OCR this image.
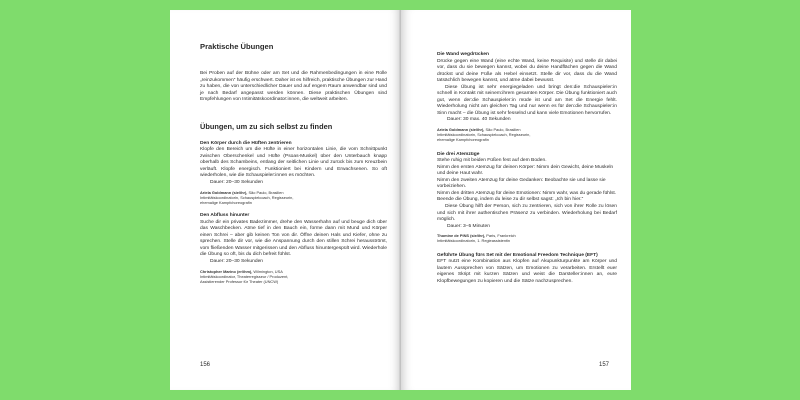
Praktische Übungen

Bei Proben auf der Bühne oder am Set und die Rahmenbedingungen in eine Rolle „reinzukommen“ häufig erschwert. Daher ist es hilfreich, praktische Übungen zur Hand zu haben, die von unterschiedlicher Dauer und auf engem Raum anwendbar sind und je nach Bedarf angepasst werden können. Diese praktischen Übungen sind Empfehlungen von Intimitätskoordinator:innen, die weltweit arbeiten.

Übungen, um zu sich selbst zu finden
Den Körper durch die Hüften zentrieren

Klopfe den Bereich um die Hüfte in einer horizontalen Linie, die vom Schnittpunkt zwischen Oberschenkel und Hüfte (Psoas-Muskel) über den Unterbauch knapp oberhalb des Schambeins, entlang der seitlichen Linie und zurück bis zum Kreuzbein verläuft. Klopfe energisch. Funktioniert bei Kindern und Erwachsenen. So oft wiederholen, wie die Schauspieler:innen es möchten.

Dauer: 20–30 Sekunden
Ariela Goldmann (sie/ihr), São Paulo, Brasilien
Intimitätskoordinatorin, Schauspielcoach, Regisseurin,
ehemalige Kampfchoreografin
Den Abfluss hinunter

Suche dir ein privates Badezimmer, drehe den Wasserhahn auf und beuge dich über das Waschbecken. Atme tief in den Bauch ein, forme dann mit Mund und Körper einen Schrei – aber gib keinen Ton von dir. Öffne deinen Hals und Kiefer, ohne zu sprechen. Stelle dir vor, wie die Anspannung durch den stillen Schrei herausströmt, vom fließenden Wasser mitgerissen und den Abfluss hinuntergespült wird. Wiederhole die Übung so oft, bis du dich befreit fühlst.

Dauer: 20–30 Sekunden
Christopher Marino (er/ihm), Wilmington, USA
Intimitätskoordinator, Theaterregisseur / Produzent,
Assistierender Professor für Theater (UNCW)
156
Die Wand wegdrücken

Drücke gegen eine Wand (eine echte Wand, keine Requisite) und stelle dir dabei vor, dass du sie bewegen kannst, wobei du deine Handflächen gegen die Wand drückst und deine Füße als Hebel einsetzt. Stelle dir vor, dass du die Wand tatsächlich bewegen kannst, und atme dabei bewusst.

Diese Übung ist sehr energiegeladen und bringt den:die Schauspieler:in schnell in Kontakt mit seinem:ihrem gesamten Körper. Die Übung funktioniert auch gut, wenn der:die Schauspieler:in müde ist und am Set die Energie fehlt. Wiederholung nicht am gleichen Tag und nur wenn es für den:die Schauspieler:in Sinn macht – die Übung ist sehr fesselnd und kann viele Emotionen hervorrufen.

Dauer: 30 max. 40 Sekunden
Ariela Goldmann (sie/ihr), São Paulo, Brasilien
Intimitätskoordinatorin, Schauspielcoach, Regisseurin,
ehemalige Kampfchoreografin
Die drei Atemzüge

Stehe ruhig mit beiden Füßen fest auf dem Boden.

Nimm den ersten Atemzug für deinen Körper: Nimm dein Gewicht, deine Muskeln und deine Haut wahr.

Nimm den zweiten Atemzug für deine Gedanken: Beobachte sie und lasse sie vorbeiziehen.

Nimm den dritten Atemzug für deine Emotionen: Nimm wahr, was du gerade fühlst.

Beende die Übung, indem du leise zu dir selbst sagst: „Ich bin hier.“

Diese Übung hilft der Person, sich zu zentrieren, sich von ihrer Rolle zu lösen und sich mit ihrer authentischen Präsenz zu verbinden. Wiederholung bei Bedarf möglich.

Dauer: 3–5 Minuten
Thomine de PINS (sie/ihr), Paris, Frankreich
Intimitätskoordinatorin, 1. Regieassistentin
Geführte Übung fürs Set mit der Emotional Freedom Technique (EFT)

EFT nutzt eine Kombination aus Klopfen auf Akupunkturpunkte am Körper und lautem Aussprechen von Sätzen, um Emotionen zu verarbeiten. Erstellt euer eigenes Skript mit kurzen Sätzen und weist die Darsteller:innen an, eure Klopfbewegungen zu kopieren und die Sätze nachzusprechen.

157
